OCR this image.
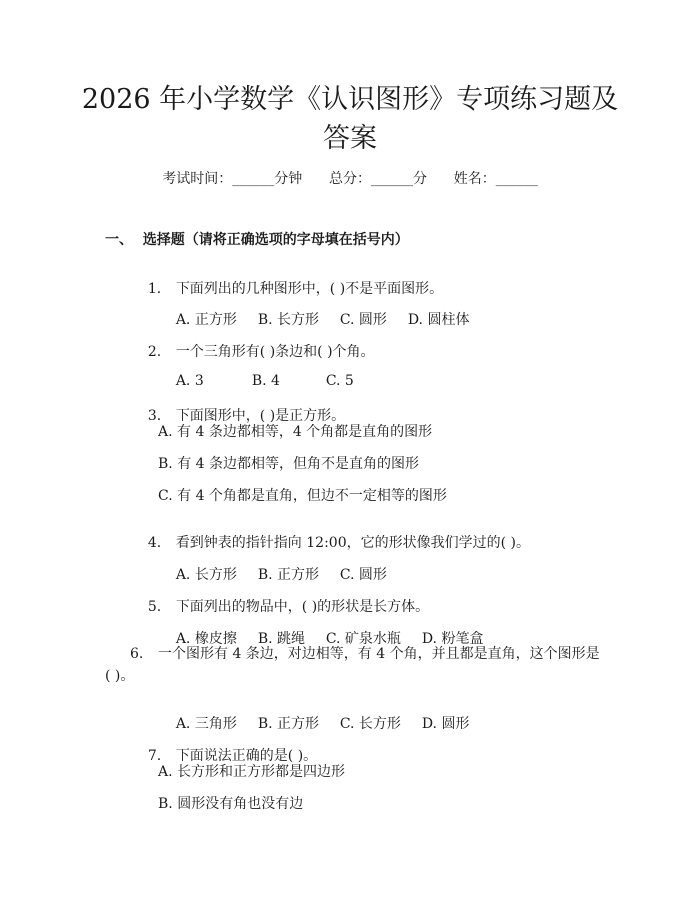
2026 年小学数学《认识图形》专项练习题及
答案
考试时间：______分钟      总分：______分      姓名：______
一、  选择题（请将正确选项的字母填在括号内）

1. 下面列出的几种图形中，( )不是平面图形。

A. 正方形 B. 长方形 C. 圆形 D. 圆柱体

2. 一个三角形有( )条边和( )个角。

A. 3	B. 4	C. 5

3. 下面图形中，( )是正方形。

A. 有 4 条边都相等，4 个角都是直角的图形
B. 有 4 条边都相等，但角不是直角的图形
C. 有 4 个角都是直角，但边不一定相等的图形

4. 看到钟表的指针指向 12:00，它的形状像我们学过的( )。

A. 长方形 B. 正方形 C. 圆形

5. 下面列出的物品中，( )的形状是长方体。

A. 橡皮擦 B. 跳绳 C. 矿泉水瓶 D. 粉笔盒

6. 一个图形有 4 条边，对边相等，有 4 个角，并且都是直角，这个图形是
( )。

A. 三角形 B. 正方形 C. 长方形 D. 圆形

7. 下面说法正确的是( )。

A. 长方形和正方形都是四边形
B. 圆形没有角也没有边
